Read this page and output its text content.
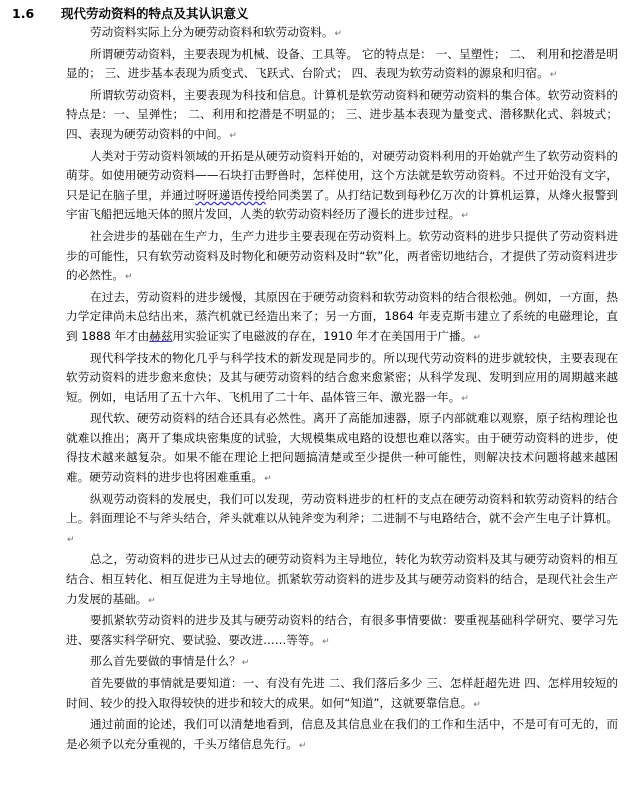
1.6 现代劳动资料的特点及其认识意义

劳动资料实际上分为硬劳动资料和软劳动资料。↵

所谓硬劳动资料，主要表现为机械、设备、工具等。 它的特点是： 一、呈塑性； 二、 利用和挖潜是明显的； 三、进步基本表现为质变式、飞跃式、台阶式； 四、表现为软劳动资料的源泉和归宿。↵

所谓软劳动资料，主要表现为科技和信息。计算机是软劳动资料和硬劳动资料的集合体。软劳动资料的特点是：一、呈弹性； 二、利用和挖潜是不明显的； 三、进步基本表现为量变式、潜移默化式、斜坡式； 四、表现为硬劳动资料的中间。↵

人类对于劳动资料领域的开拓是从硬劳动资料开始的，对硬劳动资料利用的开始就产生了软劳动资料的萌芽。如使用硬劳动资料——石块打击野兽时，怎样使用，这个方法就是软劳动资料。不过开始没有文字，只是记在脑子里，并通过呀呀递语传授给同类罢了。从打结记数到每秒亿万次的计算机运算，从烽火报警到宇宙飞船把远地天体的照片发回，人类的软劳动资料经历了漫长的进步过程。↵

社会进步的基础在生产力，生产力进步主要表现在劳动资料上。软劳动资料的进步只提供了劳动资料进步的可能性，只有软劳动资料及时物化和硬劳动资料及时“软”化，两者密切地结合，才提供了劳动资料进步的必然性。↵

在过去，劳动资料的进步缓慢，其原因在于硬劳动资料和软劳动资料的结合很松弛。例如，一方面，热力学定律尚未总结出来，蒸汽机就已经造出来了；另一方面，1864 年麦克斯韦建立了系统的电磁理论，直到 1888 年才由赫兹用实验证实了电磁波的存在，1910 年才在美国用于广播。↵

现代科学技术的物化几乎与科学技术的新发现是同步的。所以现代劳动资料的进步就较快，主要表现在软劳动资料的进步愈来愈快；及其与硬劳动资料的结合愈来愈紧密；从科学发现、发明到应用的周期越来越短。例如，电话用了五十六年、飞机用了二十年、晶体管三年、激光器一年。↵

现代软、硬劳动资料的结合还具有必然性。离开了高能加速器，原子内部就难以观察，原子结构理论也就难以推出；离开了集成块密集度的试验，大规模集成电路的设想也难以落实。由于硬劳动资料的进步，使得技术越来越复杂。如果不能在理论上把问题搞清楚或至少提供一种可能性，则解决技术问题将越来越困难。硬劳动资料的进步也将困难重重。↵

纵观劳动资料的发展史，我们可以发现，劳动资料进步的杠杆的支点在硬劳动资料和软劳动资料的结合上。斜面理论不与斧头结合，斧头就难以从钝斧变为利斧；二进制不与电路结合，就不会产生电子计算机。↵

总之，劳动资料的进步已从过去的硬劳动资料为主导地位，转化为软劳动资料及其与硬劳动资料的相互结合、相互转化、相互促进为主导地位。抓紧软劳动资料的进步及其与硬劳动资料的结合，是现代社会生产力发展的基础。↵

要抓紧软劳动资料的进步及其与硬劳动资料的结合，有很多事情要做：要重视基础科学研究、要学习先进、要落实科学研究、要试验、要改进……等等。↵

那么首先要做的事情是什么？↵

首先要做的事情就是要知道：一、有没有先进 二、我们落后多少 三、怎样赶超先进 四、怎样用较短的时间、较少的投入取得较快的进步和较大的成果。如何“知道”，这就要靠信息。↵

通过前面的论述，我们可以清楚地看到，信息及其信息业在我们的工作和生活中，不是可有可无的，而是必须予以充分重视的，千头万绪信息先行。↵
